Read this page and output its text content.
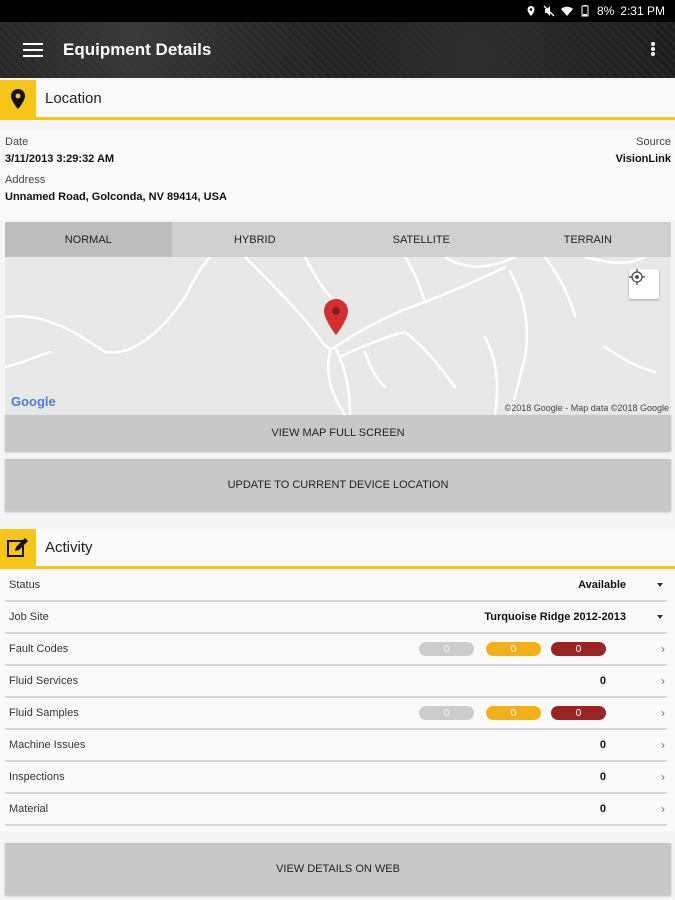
8% 2:31 PM
Equipment Details
Location
Date
3/11/2013 3:29:32 AM
Source
VisionLink
Address
Unnamed Road, Golconda, NV 89414, USA
NORMAL	HYBRID	SATELLITE	TERRAIN
Google	©2018 Google - Map data ©2018 Google
VIEW MAP FULL SCREEN
UPDATE TO CURRENT DEVICE LOCATION
Activity
Status	Available
Job Site	Turquoise Ridge 2012-2013
Fault Codes	0	0	0	›
Fluid Services	0	›
Fluid Samples	0	0	0	›
Machine Issues	0	›
Inspections	0	›
Material	0	›
VIEW DETAILS ON WEB
